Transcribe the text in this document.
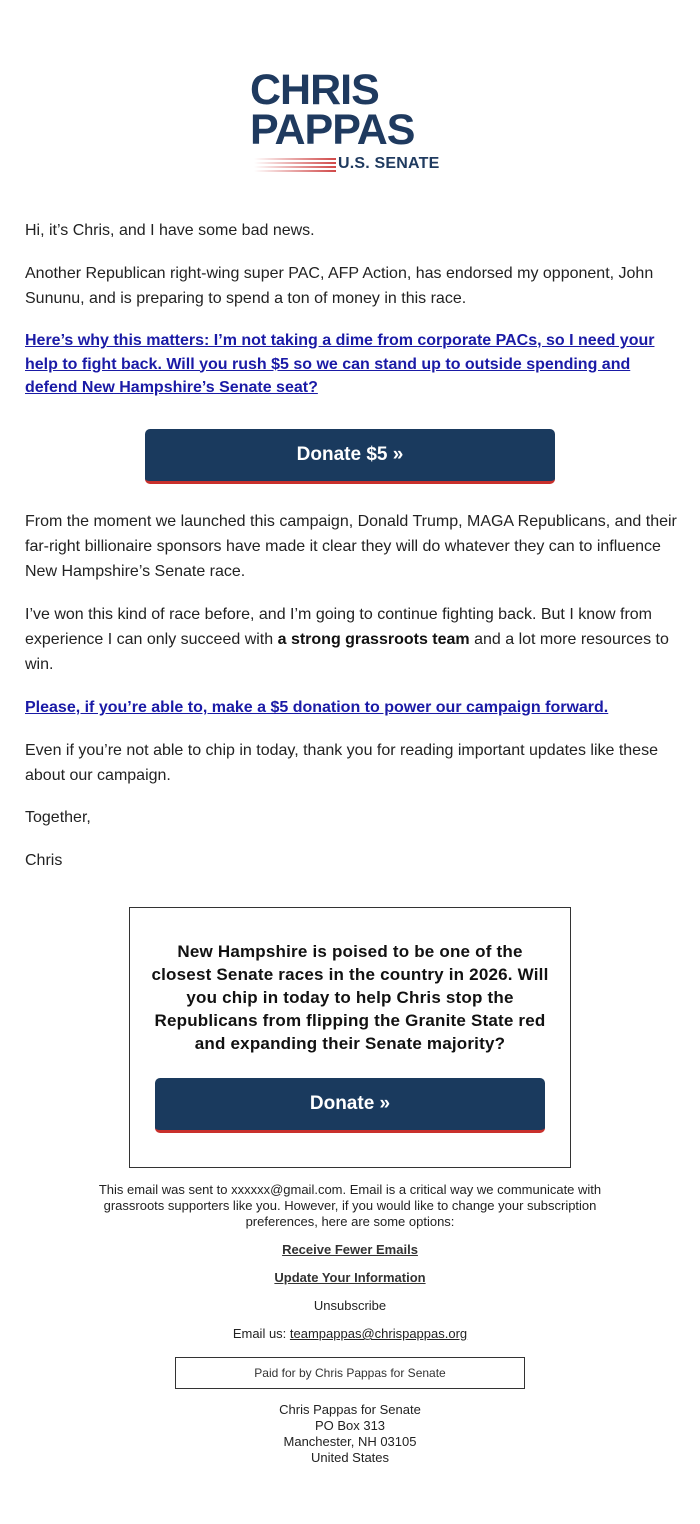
CHRIS
PAPPAS
U.S. SENATE

Hi, it’s Chris, and I have some bad news.

Another Republican right-wing super PAC, AFP Action, has endorsed my opponent, John Sununu, and is preparing to spend a ton of money in this race.

Here’s why this matters: I’m not taking a dime from corporate PACs, so I need your help to fight back. Will you rush $5 so we can stand up to outside spending and defend New Hampshire’s Senate seat?

Donate $5 »

From the moment we launched this campaign, Donald Trump, MAGA Republicans, and their far-right billionaire sponsors have made it clear they will do whatever they can to influence New Hampshire’s Senate race.

I’ve won this kind of race before, and I’m going to continue fighting back. But I know from experience I can only succeed with a strong grassroots team and a lot more resources to win.

Please, if you’re able to, make a $5 donation to power our campaign forward.

Even if you’re not able to chip in today, thank you for reading important updates like these about our campaign.

Together,

Chris

New Hampshire is poised to be one of the closest Senate races in the country in 2026. Will you chip in today to help Chris stop the Republicans from flipping the Granite State red and expanding their Senate majority?
Donate »
This email was sent to xxxxxx@gmail.com. Email is a critical way we communicate with grassroots supporters like you. However, if you would like to change your subscription preferences, here are some options:
Receive Fewer Emails
Update Your Information
Unsubscribe
Email us: teampappas@chrispappas.org
Paid for by Chris Pappas for Senate
Chris Pappas for Senate
PO Box 313
Manchester, NH 03105
United States
